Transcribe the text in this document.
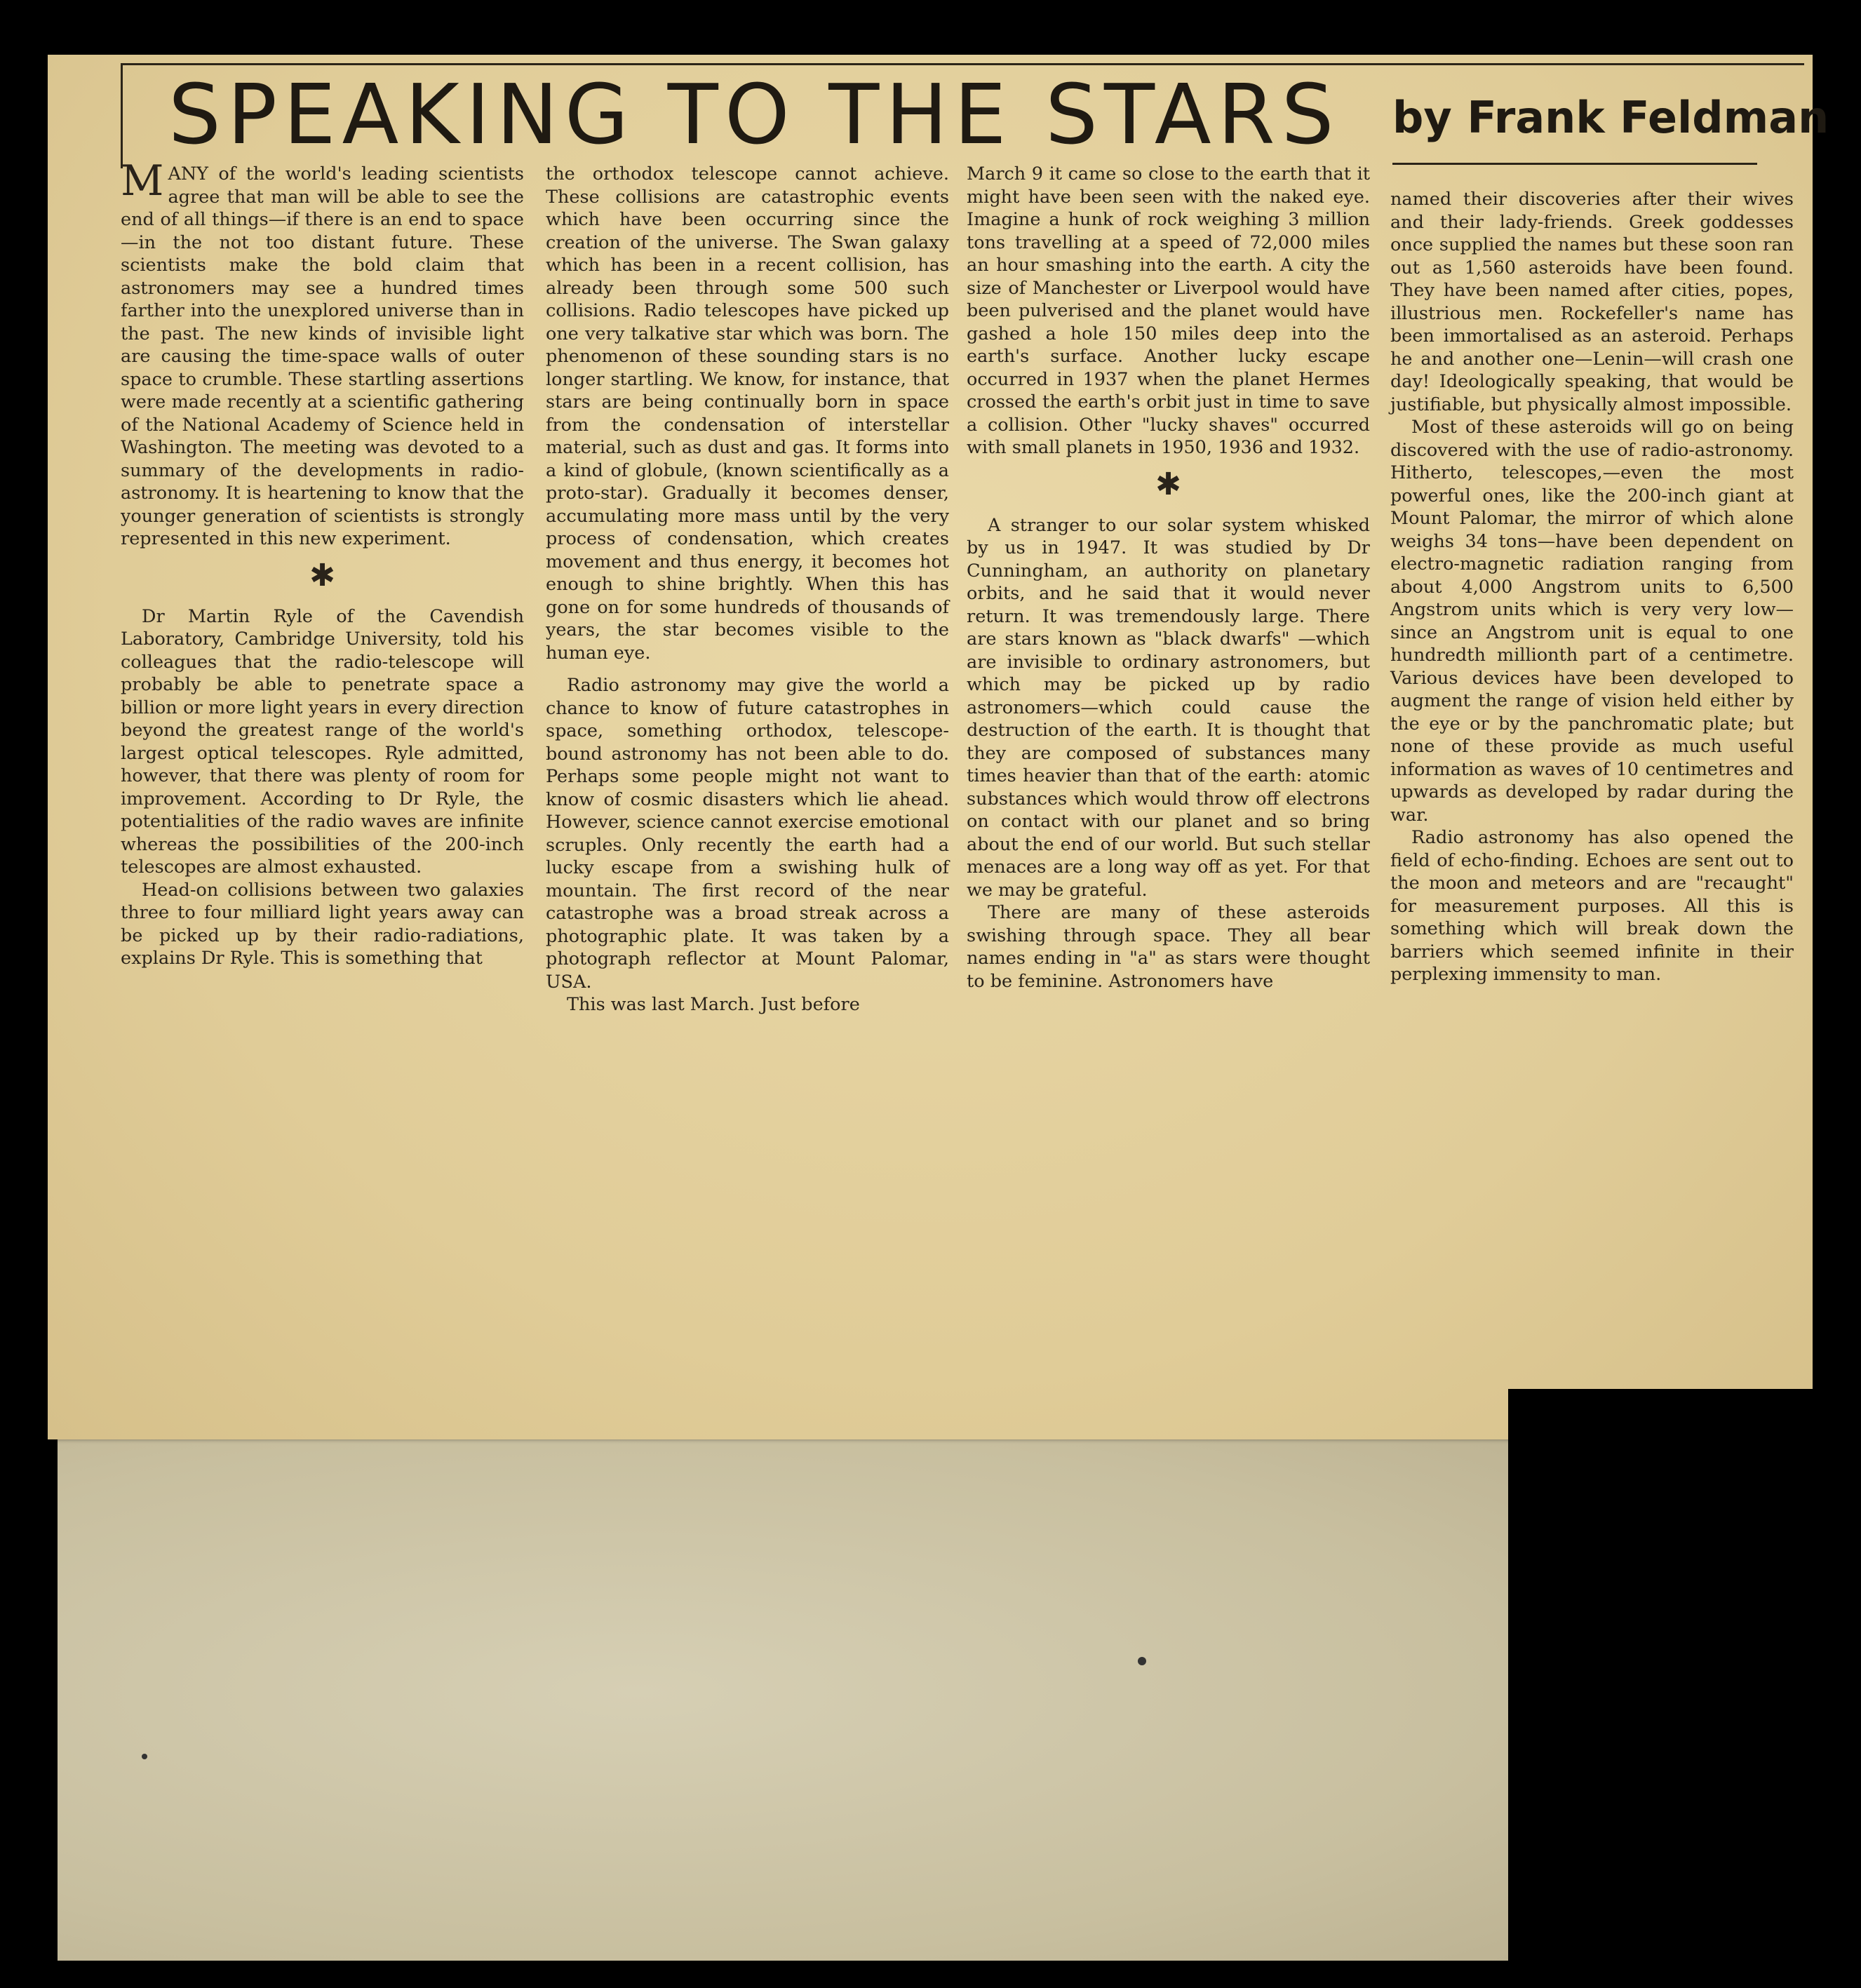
SPEAKING TO THE STARS by Frank Feldman

MANY of the world's leading scientists agree that man will be able to see the end of all things—if there is an end to space—in the not too distant future. These scientists make the bold claim that astronomers may see a hundred times farther into the unexplored universe than in the past. The new kinds of invisible light are causing the time-space walls of outer space to crumble. These startling assertions were made recently at a scientific gathering of the National Academy of Science held in Washington. The meeting was devoted to a summary of the developments in radio-astronomy. It is heartening to know that the younger generation of scientists is strongly represented in this new experiment.

✱

Dr Martin Ryle of the Cavendish Laboratory, Cambridge University, told his colleagues that the radio-telescope will probably be able to penetrate space a billion or more light years in every direction beyond the greatest range of the world's largest optical telescopes. Ryle admitted, however, that there was plenty of room for improvement. According to Dr Ryle, the potentialities of the radio waves are infinite whereas the possibilities of the 200-inch telescopes are almost exhausted.

Head-on collisions between two galaxies three to four milliard light years away can be picked up by their radio-radiations, explains Dr Ryle. This is something that

the orthodox telescope cannot achieve. These collisions are catastrophic events which have been occurring since the creation of the universe. The Swan galaxy which has been in a recent collision, has already been through some 500 such collisions. Radio telescopes have picked up one very talkative star which was born. The phenomenon of these sounding stars is no longer startling. We know, for instance, that stars are being continually born in space from the condensation of interstellar material, such as dust and gas. It forms into a kind of globule, (known scientifically as a proto-star). Gradually it becomes denser, accumulating more mass until by the very process of condensation, which creates movement and thus energy, it becomes hot enough to shine brightly. When this has gone on for some hundreds of thousands of years, the star becomes visible to the human eye.

Radio astronomy may give the world a chance to know of future catastrophes in space, something orthodox, telescope-bound astronomy has not been able to do. Perhaps some people might not want to know of cosmic disasters which lie ahead. However, science cannot exercise emotional scruples. Only recently the earth had a lucky escape from a swishing hulk of mountain. The first record of the near catastrophe was a broad streak across a photographic plate. It was taken by a photograph reflector at Mount Palomar, USA.

This was last March. Just before

March 9 it came so close to the earth that it might have been seen with the naked eye. Imagine a hunk of rock weighing 3 million tons travelling at a speed of 72,000 miles an hour smashing into the earth. A city the size of Manchester or Liverpool would have been pulverised and the planet would have gashed a hole 150 miles deep into the earth's surface. Another lucky escape occurred in 1937 when the planet Hermes crossed the earth's orbit just in time to save a collision. Other "lucky shaves" occurred with small planets in 1950, 1936 and 1932.

✱

A stranger to our solar system whisked by us in 1947. It was studied by Dr Cunningham, an authority on planetary orbits, and he said that it would never return. It was tremendously large. There are stars known as "black dwarfs" —which are invisible to ordinary astronomers, but which may be picked up by radio astronomers—which could cause the destruction of the earth. It is thought that they are composed of substances many times heavier than that of the earth: atomic substances which would throw off electrons on contact with our planet and so bring about the end of our world. But such stellar menaces are a long way off as yet. For that we may be grateful.

There are many of these asteroids swishing through space. They all bear names ending in "a" as stars were thought to be feminine. Astronomers have

named their discoveries after their wives and their lady-friends. Greek goddesses once supplied the names but these soon ran out as 1,560 asteroids have been found. They have been named after cities, popes, illustrious men. Rockefeller's name has been immortalised as an asteroid. Perhaps he and another one—Lenin—will crash one day! Ideologically speaking, that would be justifiable, but physically almost impossible.

Most of these asteroids will go on being discovered with the use of radio-astronomy. Hitherto, telescopes,—even the most powerful ones, like the 200-inch giant at Mount Palomar, the mirror of which alone weighs 34 tons—have been dependent on electro-magnetic radiation ranging from about 4,000 Angstrom units to 6,500 Angstrom units which is very very low—since an Angstrom unit is equal to one hundredth millionth part of a centimetre. Various devices have been developed to augment the range of vision held either by the eye or by the panchromatic plate; but none of these provide as much useful information as waves of 10 centimetres and upwards as developed by radar during the war.

Radio astronomy has also opened the field of echo-finding. Echoes are sent out to the moon and meteors and are "recaught" for measurement purposes. All this is something which will break down the barriers which seemed infinite in their perplexing immensity to man.
